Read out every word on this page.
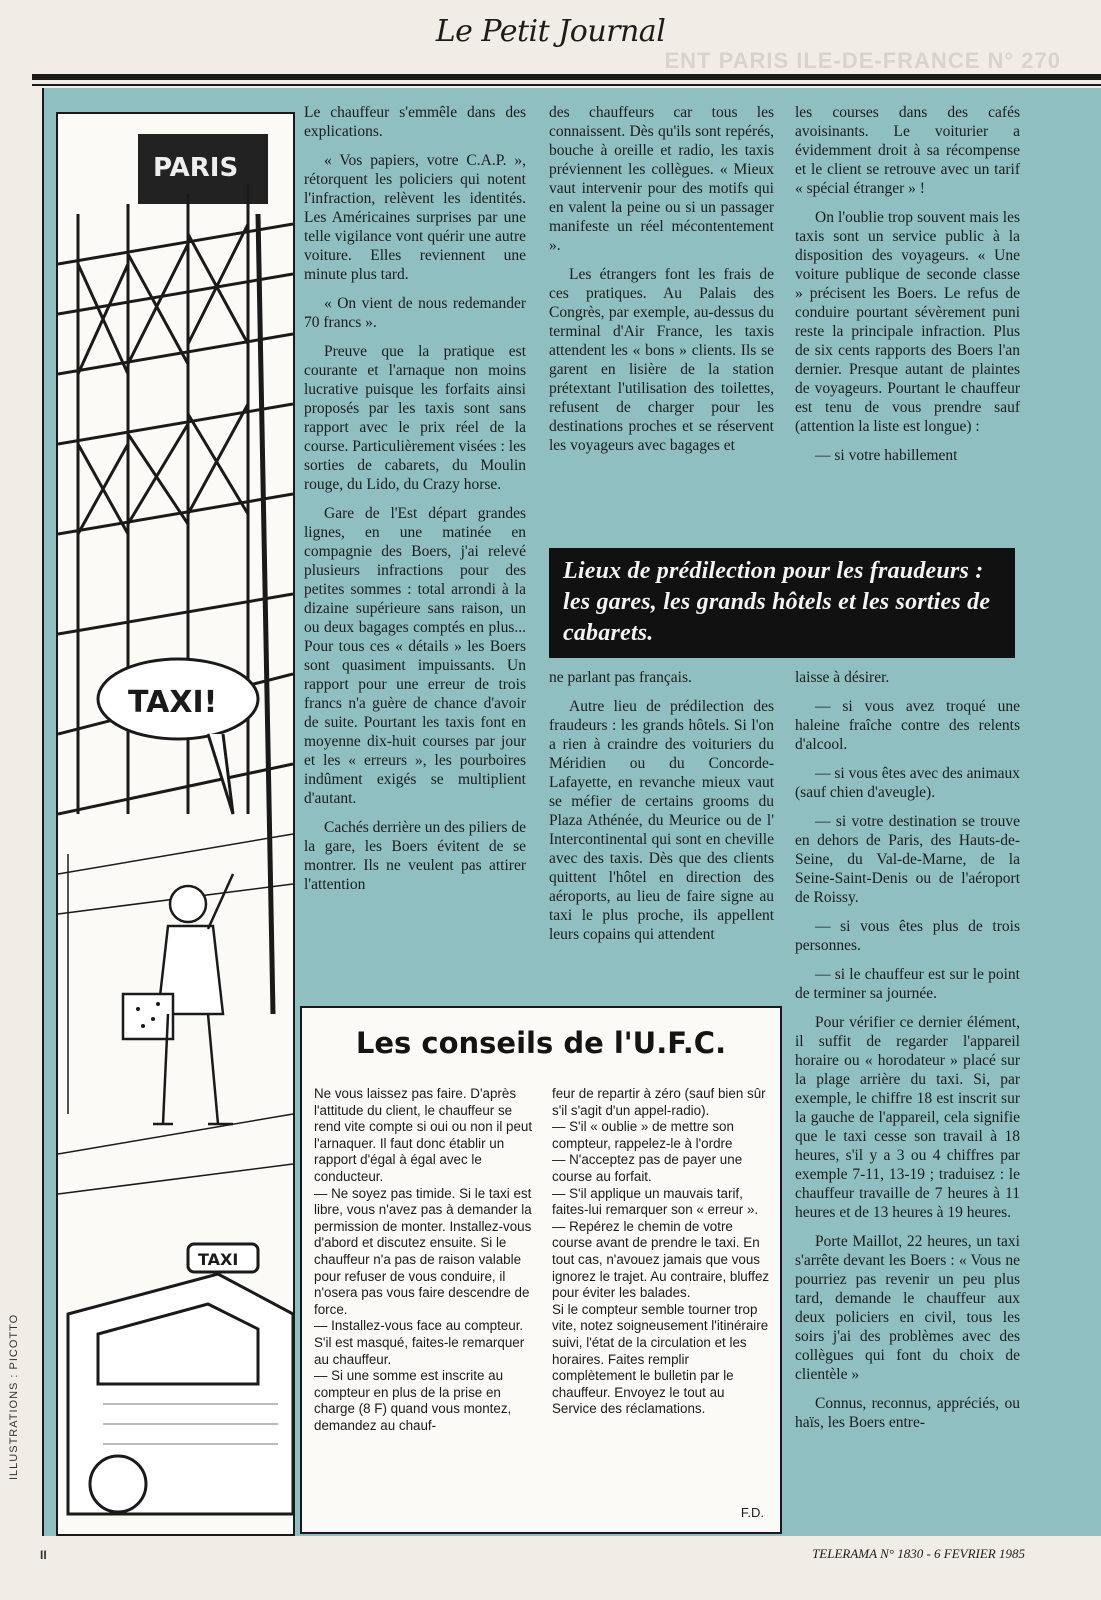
Le Petit Journal
ENT PARIS ILE-DE-FRANCE N° 270
PARIS
TAXI!
TAXI
ILLUSTRATIONS : PICOTTO

Le chauffeur s'emmêle dans des explications.

« Vos papiers, votre C.A.P. », rétorquent les policiers qui notent l'infraction, relèvent les identités. Les Américaines surprises par une telle vigilance vont quérir une autre voiture. Elles reviennent une minute plus tard.

« On vient de nous redemander 70 francs ».

Preuve que la pratique est courante et l'arnaque non moins lucrative puisque les forfaits ainsi proposés par les taxis sont sans rapport avec le prix réel de la course. Particulièrement visées : les sorties de cabarets, du Moulin rouge, du Lido, du Crazy horse.

Gare de l'Est départ grandes lignes, en une matinée en compagnie des Boers, j'ai relevé plusieurs infractions pour des petites sommes : total arrondi à la dizaine supérieure sans raison, un ou deux bagages comptés en plus... Pour tous ces « détails » les Boers sont quasiment impuissants. Un rapport pour une erreur de trois francs n'a guère de chance d'avoir de suite. Pourtant les taxis font en moyenne dix-huit courses par jour et les « erreurs », les pourboires indûment exigés se multiplient d'autant.

Cachés derrière un des piliers de la gare, les Boers évitent de se montrer. Ils ne veulent pas attirer l'attention

des chauffeurs car tous les connaissent. Dès qu'ils sont repérés, bouche à oreille et radio, les taxis préviennent les collègues. « Mieux vaut intervenir pour des motifs qui en valent la peine ou si un passager manifeste un réel mécontentement ».

Les étrangers font les frais de ces pratiques. Au Palais des Congrès, par exemple, au-dessus du terminal d'Air France, les taxis attendent les « bons » clients. Ils se garent en lisière de la station prétextant l'utilisation des toilettes, refusent de charger pour les destinations proches et se réservent les voyageurs avec bagages et

les courses dans des cafés avoisinants. Le voiturier a évidemment droit à sa récompense et le client se retrouve avec un tarif « spécial étranger » !

On l'oublie trop souvent mais les taxis sont un service public à la disposition des voyageurs. « Une voiture publique de seconde classe » précisent les Boers. Le refus de conduire pourtant sévèrement puni reste la principale infraction. Plus de six cents rapports des Boers l'an dernier. Presque autant de plaintes de voyageurs. Pourtant le chauffeur est tenu de vous prendre sauf (attention la liste est longue) :

— si votre habillement

Lieux de prédilection pour les fraudeurs : les gares, les grands hôtels et les sorties de cabarets.

ne parlant pas français.

Autre lieu de prédilection des fraudeurs : les grands hôtels. Si l'on a rien à craindre des voituriers du Méridien ou du Concorde-Lafayette, en revanche mieux vaut se méfier de certains grooms du Plaza Athénée, du Meurice ou de l' Intercontinental qui sont en cheville avec des taxis. Dès que des clients quittent l'hôtel en direction des aéroports, au lieu de faire signe au taxi le plus proche, ils appellent leurs copains qui attendent

laisse à désirer.

— si vous avez troqué une haleine fraîche contre des relents d'alcool.

— si vous êtes avec des animaux (sauf chien d'aveugle).

— si votre destination se trouve en dehors de Paris, des Hauts-de-Seine, du Val-de-Marne, de la Seine-Saint-Denis ou de l'aéroport de Roissy.

— si vous êtes plus de trois personnes.

— si le chauffeur est sur le point de terminer sa journée.

Pour vérifier ce dernier élément, il suffit de regarder l'appareil horaire ou « horodateur » placé sur la plage arrière du taxi. Si, par exemple, le chiffre 18 est inscrit sur la gauche de l'appareil, cela signifie que le taxi cesse son travail à 18 heures, s'il y a 3 ou 4 chiffres par exemple 7-11, 13-19 ; traduisez : le chauffeur travaille de 7 heures à 11 heures et de 13 heures à 19 heures.

Porte Maillot, 22 heures, un taxi s'arrête devant les Boers : « Vous ne pourriez pas revenir un peu plus tard, demande le chauffeur aux deux policiers en civil, tous les soirs j'ai des problèmes avec des collègues qui font du choix de clientèle »

Connus, reconnus, appréciés, ou haïs, les Boers entre-

Les conseils de l'U.F.C.

Ne vous laissez pas faire. D'après l'attitude du client, le chauffeur se rend vite compte si oui ou non il peut l'arnaquer. Il faut donc établir un rapport d'égal à égal avec le conducteur.

— Ne soyez pas timide. Si le taxi est libre, vous n'avez pas à demander la permission de monter. Installez-vous d'abord et discutez ensuite. Si le chauffeur n'a pas de raison valable pour refuser de vous conduire, il n'osera pas vous faire descendre de force.

— Installez-vous face au compteur. S'il est masqué, faites-le remarquer au chauffeur.

— Si une somme est inscrite au compteur en plus de la prise en charge (8 F) quand vous montez, demandez au chauf-

feur de repartir à zéro (sauf bien sûr s'il s'agit d'un appel-radio).

— S'il « oublie » de mettre son compteur, rappelez-le à l'ordre

— N'acceptez pas de payer une course au forfait.

— S'il applique un mauvais tarif, faites-lui remarquer son « erreur ».

— Repérez le chemin de votre course avant de prendre le taxi. En tout cas, n'avouez jamais que vous ignorez le trajet. Au contraire, bluffez pour éviter les balades.

Si le compteur semble tourner trop vite, notez soigneusement l'itinéraire suivi, l'état de la circulation et les horaires. Faites remplir complètement le bulletin par le chauffeur. Envoyez le tout au Service des réclamations.

F.D.
II	TELERAMA N° 1830 - 6 FEVRIER 1985
